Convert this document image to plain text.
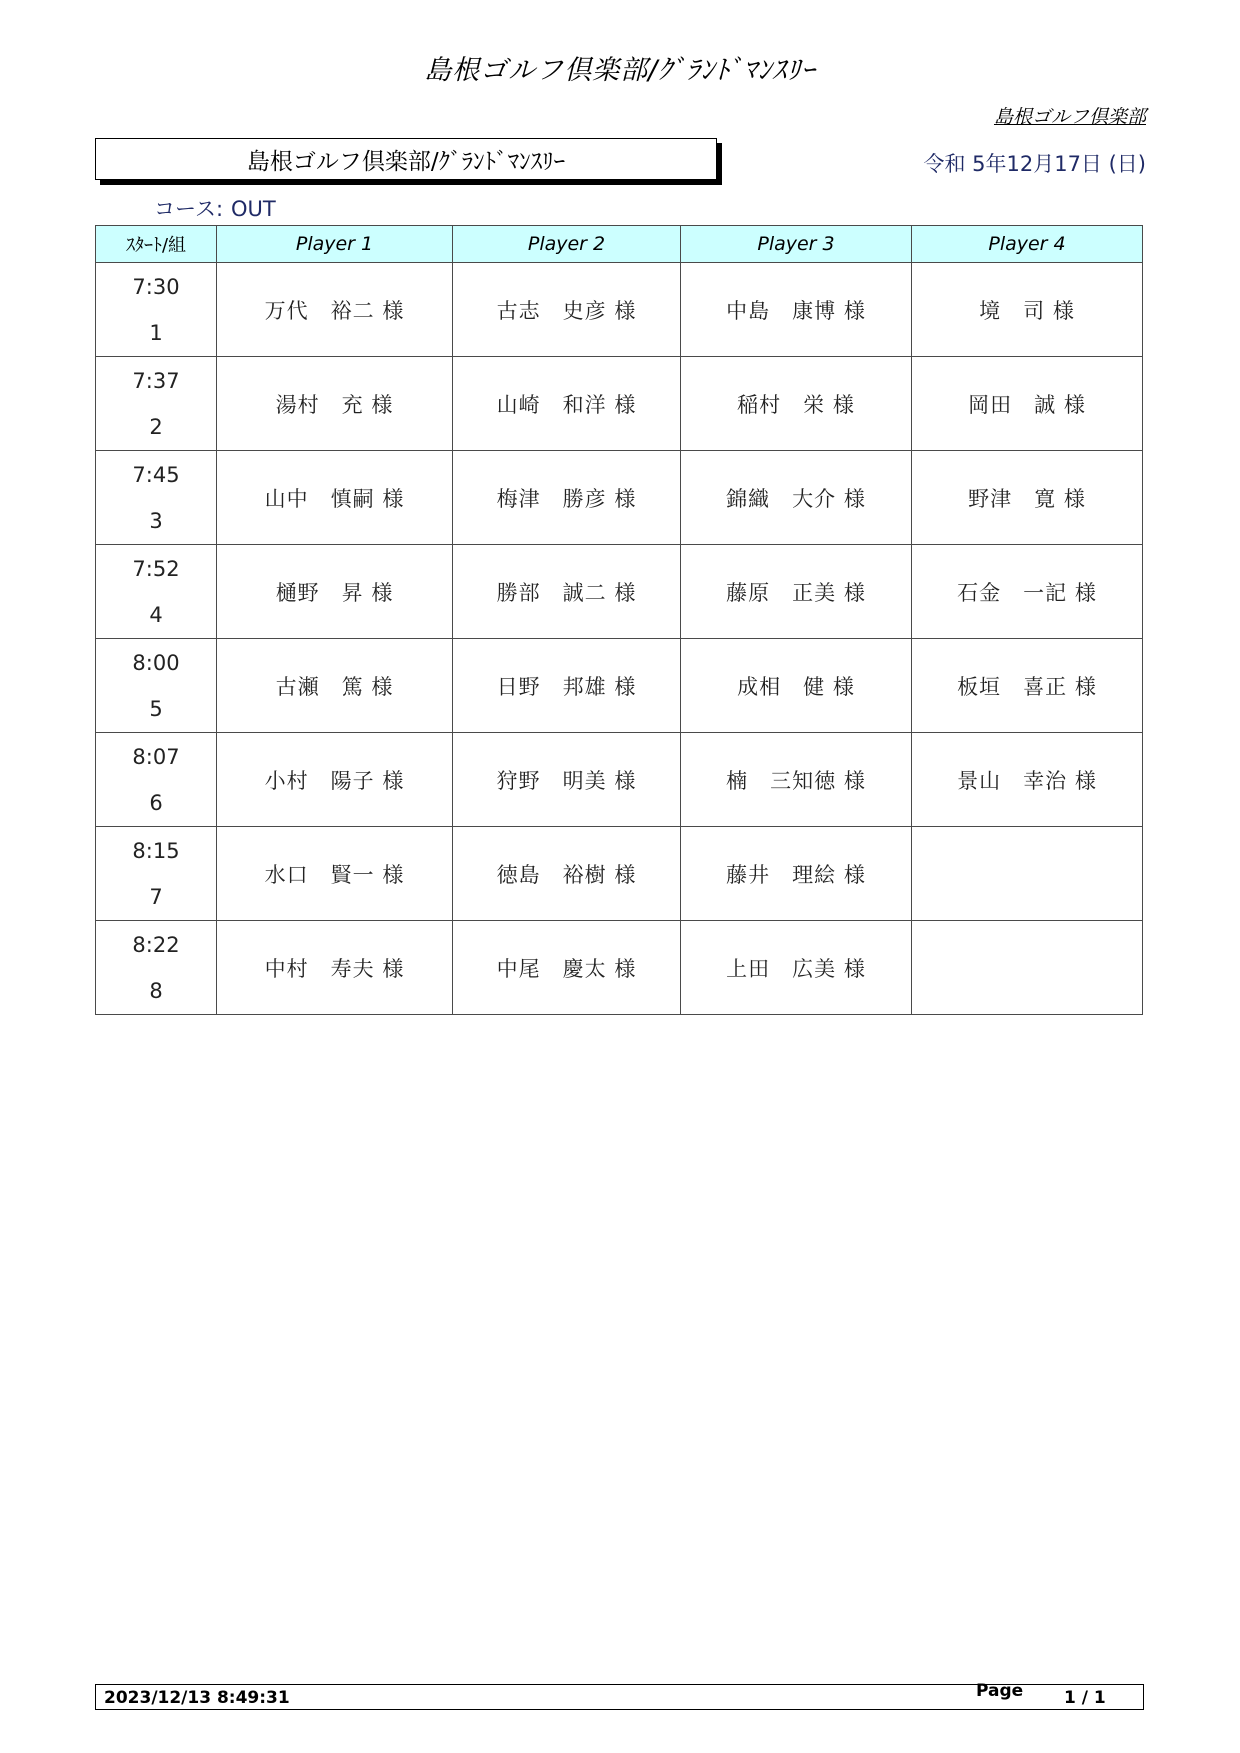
島根ゴルフ倶楽部/ｸﾞﾗﾝﾄﾞﾏﾝｽﾘｰ
島根ゴルフ倶楽部
島根ゴルフ倶楽部/ｸﾞﾗﾝﾄﾞﾏﾝｽﾘｰ	令和 5年12月17日 (日)
コース: OUT
ｽﾀｰﾄ/組	Player 1	Player 2	Player 3	Player 4

7:30
1	万代　裕二 様	古志　史彦 様	中島　康博 様	境　司 様

7:37
2	湯村　充 様	山崎　和洋 様	稲村　栄 様	岡田　誠 様

7:45
3	山中　慎嗣 様	梅津　勝彦 様	錦織　大介 様	野津　寛 様

7:52
4	樋野　昇 様	勝部　誠二 様	藤原　正美 様	石金　一記 様

8:00
5	古瀬　篤 様	日野　邦雄 様	成相　健 様	板垣　喜正 様

8:07
6	小村　陽子 様	狩野　明美 様	楠　三知徳 様	景山　幸治 様

8:15
7	水口　賢一 様	徳島　裕樹 様	藤井　理絵 様	

8:22
8	中村　寿夫 様	中尾　慶太 様	上田　広美 様	
2023/12/13 8:49:31	Page 1 / 1
